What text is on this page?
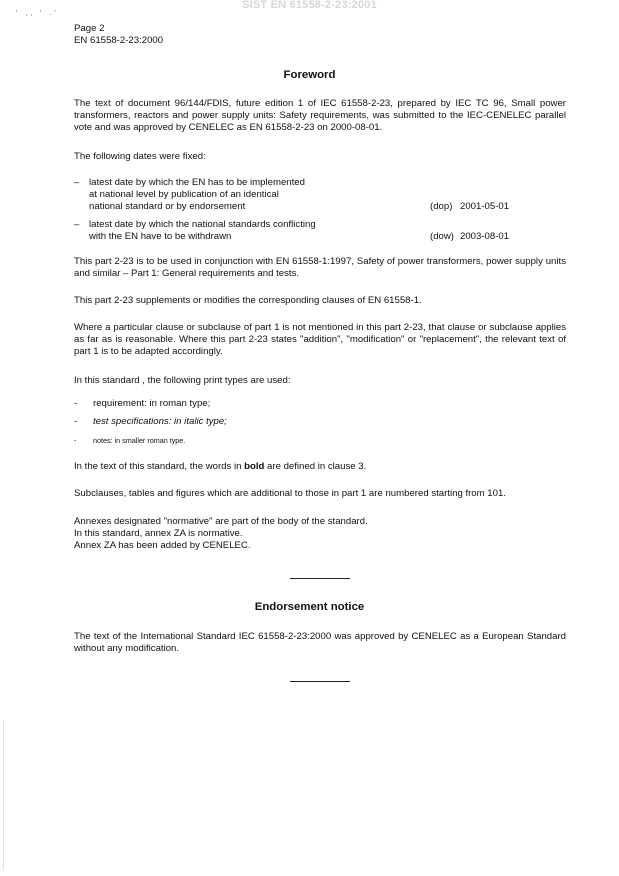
SIST EN 61558-2-23:2001
' ,, ' .'
Page 2
EN 61558-2-23:2000
Foreword

The text of document 96/144/FDIS, future edition 1 of IEC 61558-2-23, prepared by IEC TC 96, Small power transformers, reactors and power supply units: Safety requirements, was submitted to the IEC-CENELEC parallel vote and was approved by CENELEC as EN 61558-2-23 on 2000-08-01.

The following dates were fixed:

– latest date by which the EN has to be implemented
at national level by publication of an identical
national standard or by endorsement	(dop) 2001-05-01
– latest date by which the national standards conflicting
with the EN have to be withdrawn	(dow) 2003-08-01

This part 2-23 is to be used in conjunction with EN 61558-1:1997, Safety of power transformers, power supply units and similar – Part 1: General requirements and tests.

This part 2-23 supplements or modifies the corresponding clauses of EN 61558-1.

Where a particular clause or subclause of part 1 is not mentioned in this part 2-23, that clause or subclause applies as far as is reasonable. Where this part 2-23 states "addition", "modification" or "replacement", the relevant text of part 1 is to be adapted accordingly.

In this standard , the following print types are used:

- requirement: in roman type;
- test specifications: in italic type;
- notes: in smaller roman type.

In the text of this standard, the words in bold are defined in clause 3.

Subclauses, tables and figures which are additional to those in part 1 are numbered starting from 101.

Annexes designated "normative" are part of the body of the standard.
In this standard, annex ZA is normative.
Annex ZA has been added by CENELEC.
Endorsement notice

The text of the International Standard IEC 61558-2-23:2000 was approved by CENELEC as a European Standard without any modification.
